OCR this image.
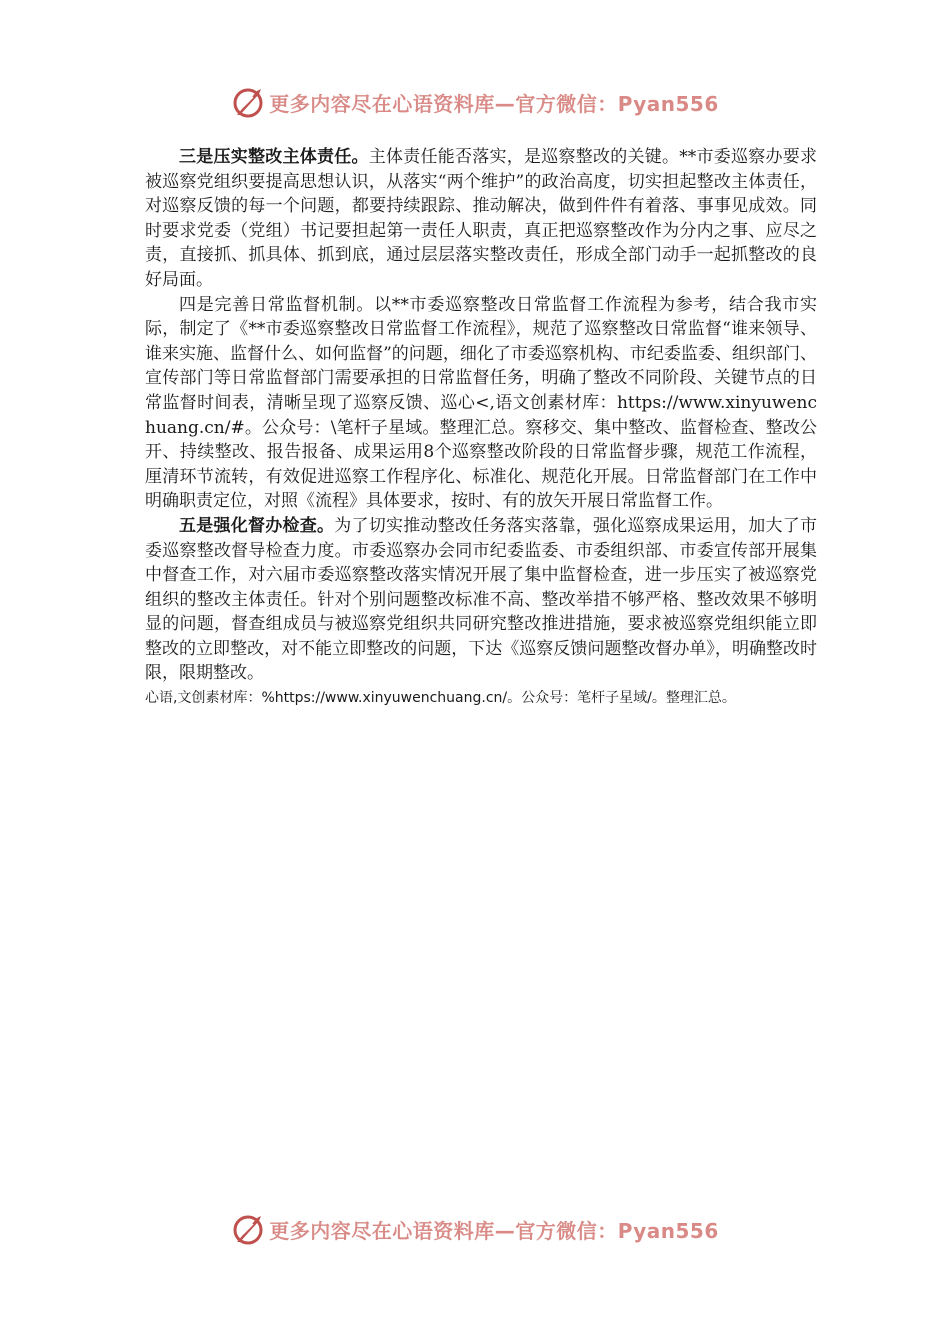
更多内容尽在心语资料库—官方微信：Pyan556

三是压实整改主体责任。主体责任能否落实，是巡察整改的关键。**市委巡察办要求被巡察党组织要提高思想认识，从落实“两个维护”的政治高度，切实担起整改主体责任，对巡察反馈的每一个问题，都要持续跟踪、推动解决，做到件件有着落、事事见成效。同时要求党委（党组）书记要担起第一责任人职责，真正把巡察整改作为分内之事、应尽之责，直接抓、抓具体、抓到底，通过层层落实整改责任，形成全部门动手一起抓整改的良好局面。

四是完善日常监督机制。以**市委巡察整改日常监督工作流程为参考，结合我市实际，制定了《**市委巡察整改日常监督工作流程》，规范了巡察整改日常监督“谁来领导、谁来实施、监督什么、如何监督”的问题，细化了市委巡察机构、市纪委监委、组织部门、宣传部门等日常监督部门需要承担的日常监督任务，明确了整改不同阶段、关键节点的日常监督时间表，清晰呈现了巡察反馈、巡心<,语文创素材库：https://www.xinyuwenchuang.cn/#。公众号：\笔杆子星域。整理汇总。察移交、集中整改、监督检查、整改公开、持续整改、报告报备、成果运用8个巡察整改阶段的日常监督步骤，规范工作流程，厘清环节流转，有效促进巡察工作程序化、标准化、规范化开展。日常监督部门在工作中明确职责定位，对照《流程》具体要求，按时、有的放矢开展日常监督工作。

五是强化督办检查。为了切实推动整改任务落实落靠，强化巡察成果运用，加大了市委巡察整改督导检查力度。市委巡察办会同市纪委监委、市委组织部、市委宣传部开展集中督查工作，对六届市委巡察整改落实情况开展了集中监督检查，进一步压实了被巡察党组织的整改主体责任。针对个别问题整改标准不高、整改举措不够严格、整改效果不够明显的问题，督查组成员与被巡察党组织共同研究整改推进措施，要求被巡察党组织能立即整改的立即整改，对不能立即整改的问题，下达《巡察反馈问题整改督办单》，明确整改时限，限期整改。

心语,文创素材库：%https://www.xinyuwenchuang.cn/。公众号：笔杆子星域/。整理汇总。

更多内容尽在心语资料库—官方微信：Pyan556
